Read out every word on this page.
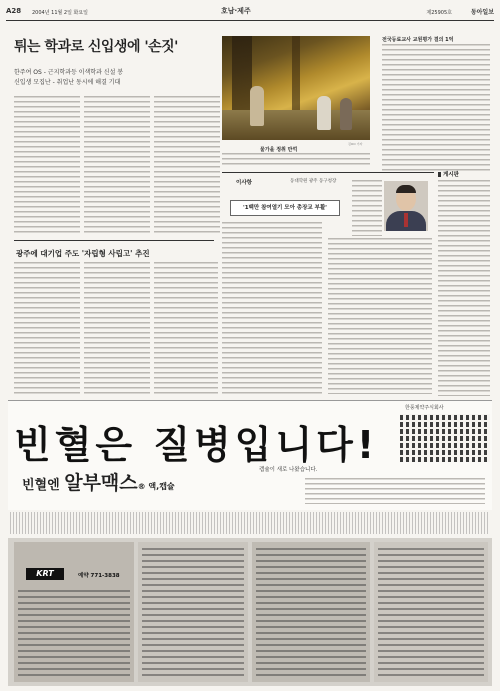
A28 2004년 11월 2일 화요일	호남·제주	제25905호	동아일보
튀는 학과로 신입생에 '손짓'
한주여 OS - 근지학과등 이색학과 신설 봉
신입생 모집난 - 취업난 동시에 해결 기대
김OO 기자
물가을 정취 만끽
전국등료교사 교원평가 결의 1억
게시판
이사항	동대학원 광주 동구청장
'1백만 참여열기 모아 총장교 부활'
광주에 대기업 주도 '자립형 사립고' 추진
빈혈은 질병입니다!
빈혈엔 알부맥스® 액,캡슐
캡슐이 새로 나왔습니다.
한풍제약주식회사
KRT	예약 771-3838
